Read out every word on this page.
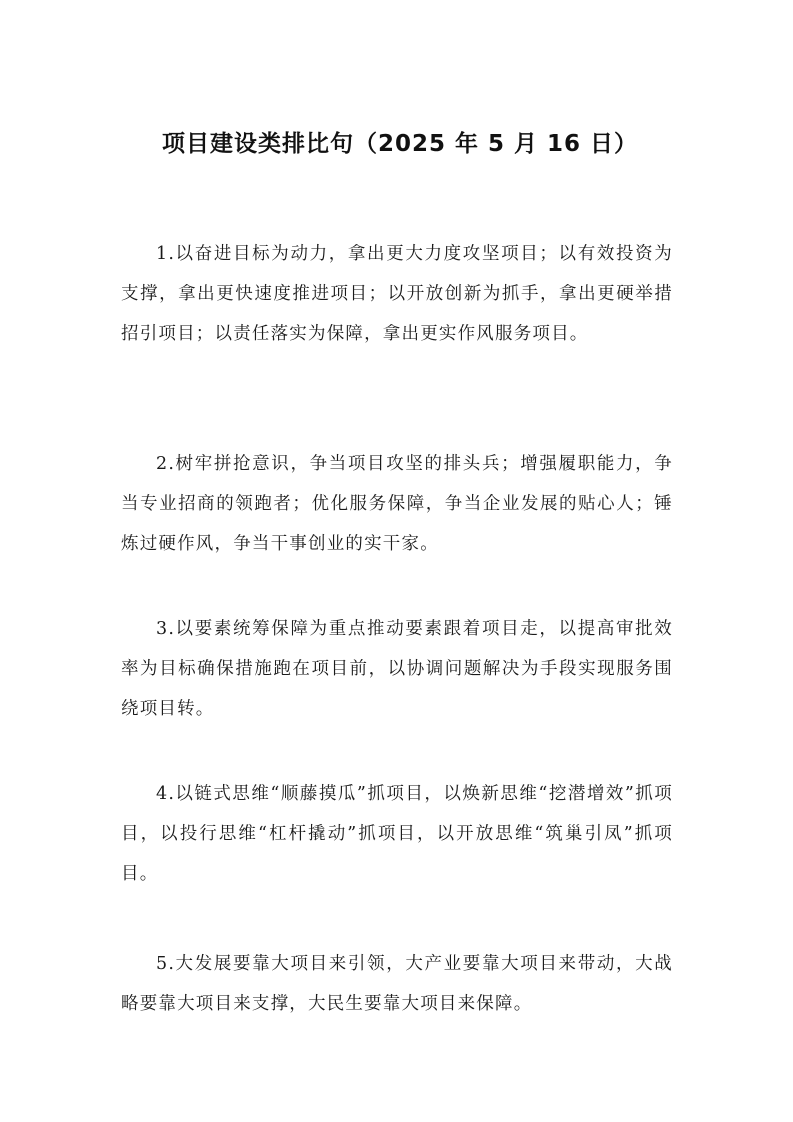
项目建设类排比句（2025 年 5 月 16 日）

1.以奋进目标为动力，拿出更大力度攻坚项目；以有效投资为支撑，拿出更快速度推进项目；以开放创新为抓手，拿出更硬举措招引项目；以责任落实为保障，拿出更实作风服务项目。

2.树牢拼抢意识，争当项目攻坚的排头兵；增强履职能力，争当专业招商的领跑者；优化服务保障，争当企业发展的贴心人；锤炼过硬作风，争当干事创业的实干家。

3.以要素统筹保障为重点推动要素跟着项目走，以提高审批效率为目标确保措施跑在项目前，以协调问题解决为手段实现服务围绕项目转。

4.以链式思维“顺藤摸瓜”抓项目，以焕新思维“挖潜增效”抓项目，以投行思维“杠杆撬动”抓项目，以开放思维“筑巢引凤”抓项目。

5.大发展要靠大项目来引领，大产业要靠大项目来带动，大战略要靠大项目来支撑，大民生要靠大项目来保障。
